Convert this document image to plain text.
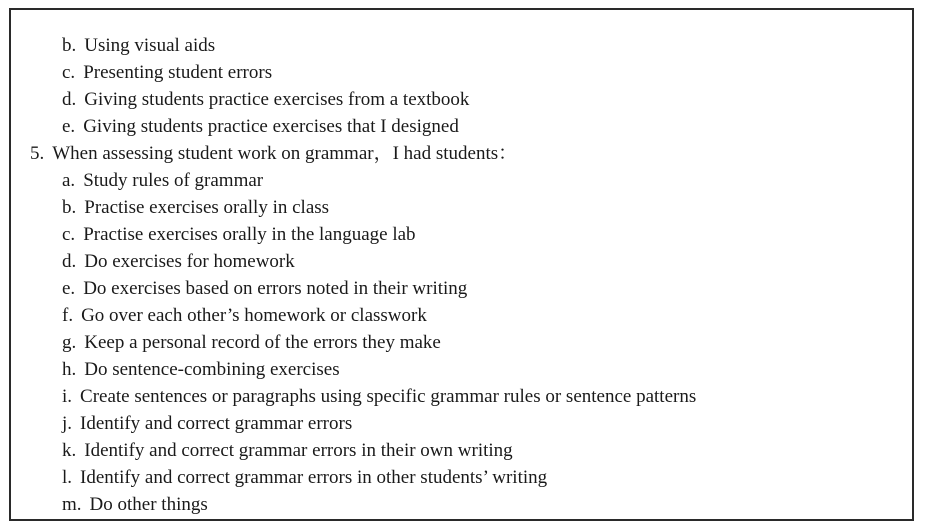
b. Using visual aids
c. Presenting student errors
d. Giving students practice exercises from a textbook
e. Giving students practice exercises that I designed
5. When assessing student work on grammar，I had students：
a. Study rules of grammar
b. Practise exercises orally in class
c. Practise exercises orally in the language lab
d. Do exercises for homework
e. Do exercises based on errors noted in their writing
f. Go over each other’s homework or classwork
g. Keep a personal record of the errors they make
h. Do sentence-combining exercises
i. Create sentences or paragraphs using specific grammar rules or sentence patterns
j. Identify and correct grammar errors
k. Identify and correct grammar errors in their own writing
l. Identify and correct grammar errors in other students’ writing
m. Do other things
